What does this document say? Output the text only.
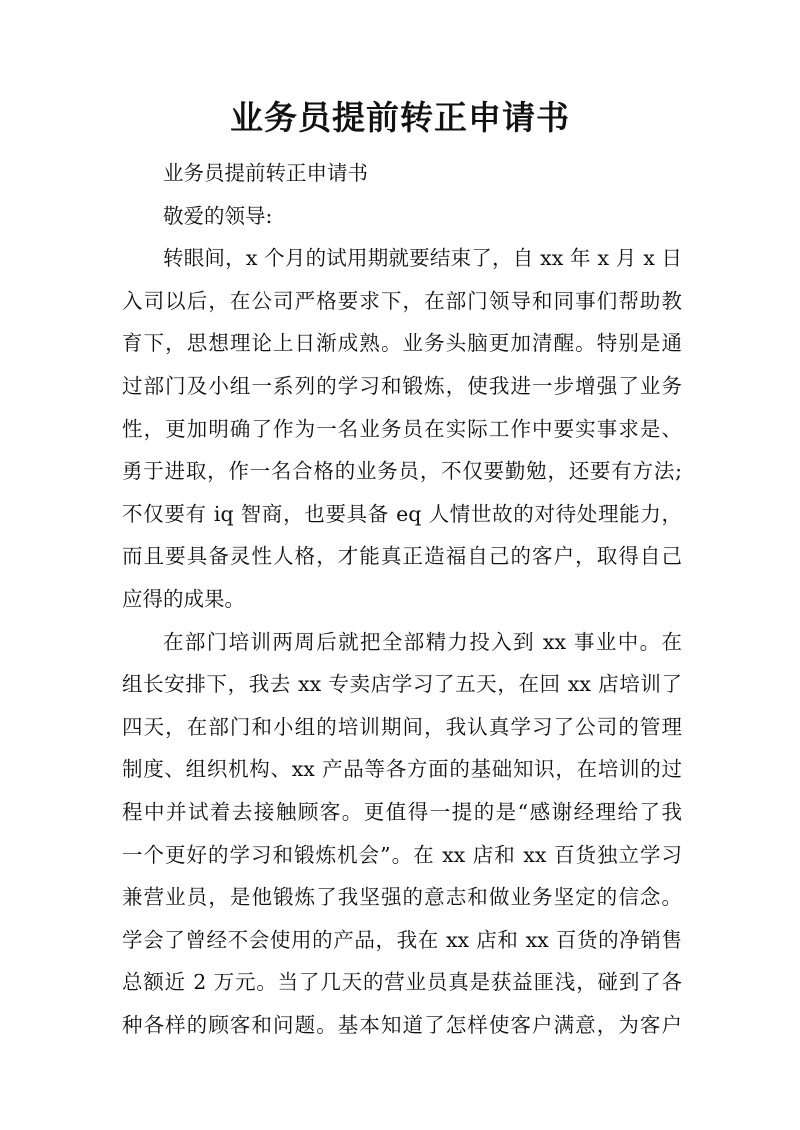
业务员提前转正申请书
业务员提前转正申请书
敬爱的领导:
转眼间，x 个月的试用期就要结束了，自 xx 年 x 月 x 日
入司以后，在公司严格要求下，在部门领导和同事们帮助教
育下，思想理论上日渐成熟。业务头脑更加清醒。特别是通
过部门及小组一系列的学习和锻炼，使我进一步增强了业务
性，更加明确了作为一名业务员在实际工作中要实事求是、
勇于进取，作一名合格的业务员，不仅要勤勉，还要有方法;
不仅要有 iq 智商，也要具备 eq 人情世故的对待处理能力，
而且要具备灵性人格，才能真正造福自己的客户，取得自己
应得的成果。
在部门培训两周后就把全部精力投入到 xx 事业中。在
组长安排下，我去 xx 专卖店学习了五天，在回 xx 店培训了
四天，在部门和小组的培训期间，我认真学习了公司的管理
制度、组织机构、xx 产品等各方面的基础知识，在培训的过
程中并试着去接触顾客。更值得一提的是“感谢经理给了我
一个更好的学习和锻炼机会”。在 xx 店和 xx 百货独立学习
兼营业员，是他锻炼了我坚强的意志和做业务坚定的信念。
学会了曾经不会使用的产品，我在 xx 店和 xx 百货的净销售
总额近 2 万元。当了几天的营业员真是获益匪浅，碰到了各
种各样的顾客和问题。基本知道了怎样使客户满意，为客户
